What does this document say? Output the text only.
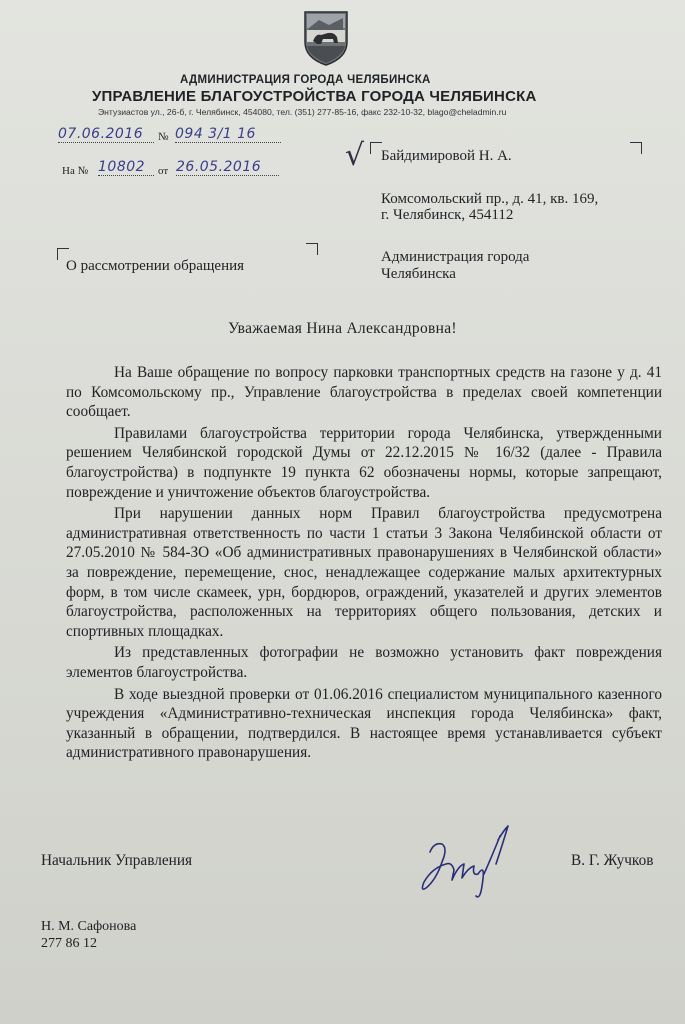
АДМИНИСТРАЦИЯ ГОРОДА ЧЕЛЯБИНСКА
УПРАВЛЕНИЕ БЛАГОУСТРОЙСТВА ГОРОДА ЧЕЛЯБИНСКА
Энтузиастов ул., 26-б, г. Челябинск, 454080, тел. (351) 277-85-16, факс 232-10-32, blago@cheladmin.ru
07.06.2016	№ 094 3/1 16
На № 10802	от 26.05.2016	√ Байдимировой Н. А.
Комсомольский пр., д. 41, кв. 169,
г. Челябинск, 454112
Администрация города
Челябинска
О рассмотрении обращения
Уважаемая Нина Александровна!

На Ваше обращение по вопросу парковки транспортных средств на газоне у д. 41 по Комсомольскому пр., Управление благоустройства в пределах своей компетенции сообщает.

Правилами благоустройства территории города Челябинска, утвержденными решением Челябинской городской Думы от 22.12.2015 № 16/32 (далее - Правила благоустройства) в подпункте 19 пункта 62 обозначены нормы, которые запрещают, повреждение и уничтожение объектов благоустройства.

При нарушении данных норм Правил благоустройства предусмотрена административная ответственность по части 1 статьи 3 Закона Челябинской области от 27.05.2010 № 584-ЗО «Об административных правонарушениях в Челябинской области» за повреждение, перемещение, снос, ненадлежащее содержание малых архитектурных форм, в том числе скамеек, урн, бордюров, ограждений, указателей и других элементов благоустройства, расположенных на территориях общего пользования, детских и спортивных площадках.

Из представленных фотографии не возможно установить факт повреждения элементов благоустройства.

В ходе выездной проверки от 01.06.2016 специалистом муниципального казенного учреждения «Административно-техническая инспекция города Челябинска» факт, указанный в обращении, подтвердился. В настоящее время устанавливается субъект административного правонарушения.

Начальник Управления	В. Г. Жучков
Н. М. Сафонова
277 86 12
